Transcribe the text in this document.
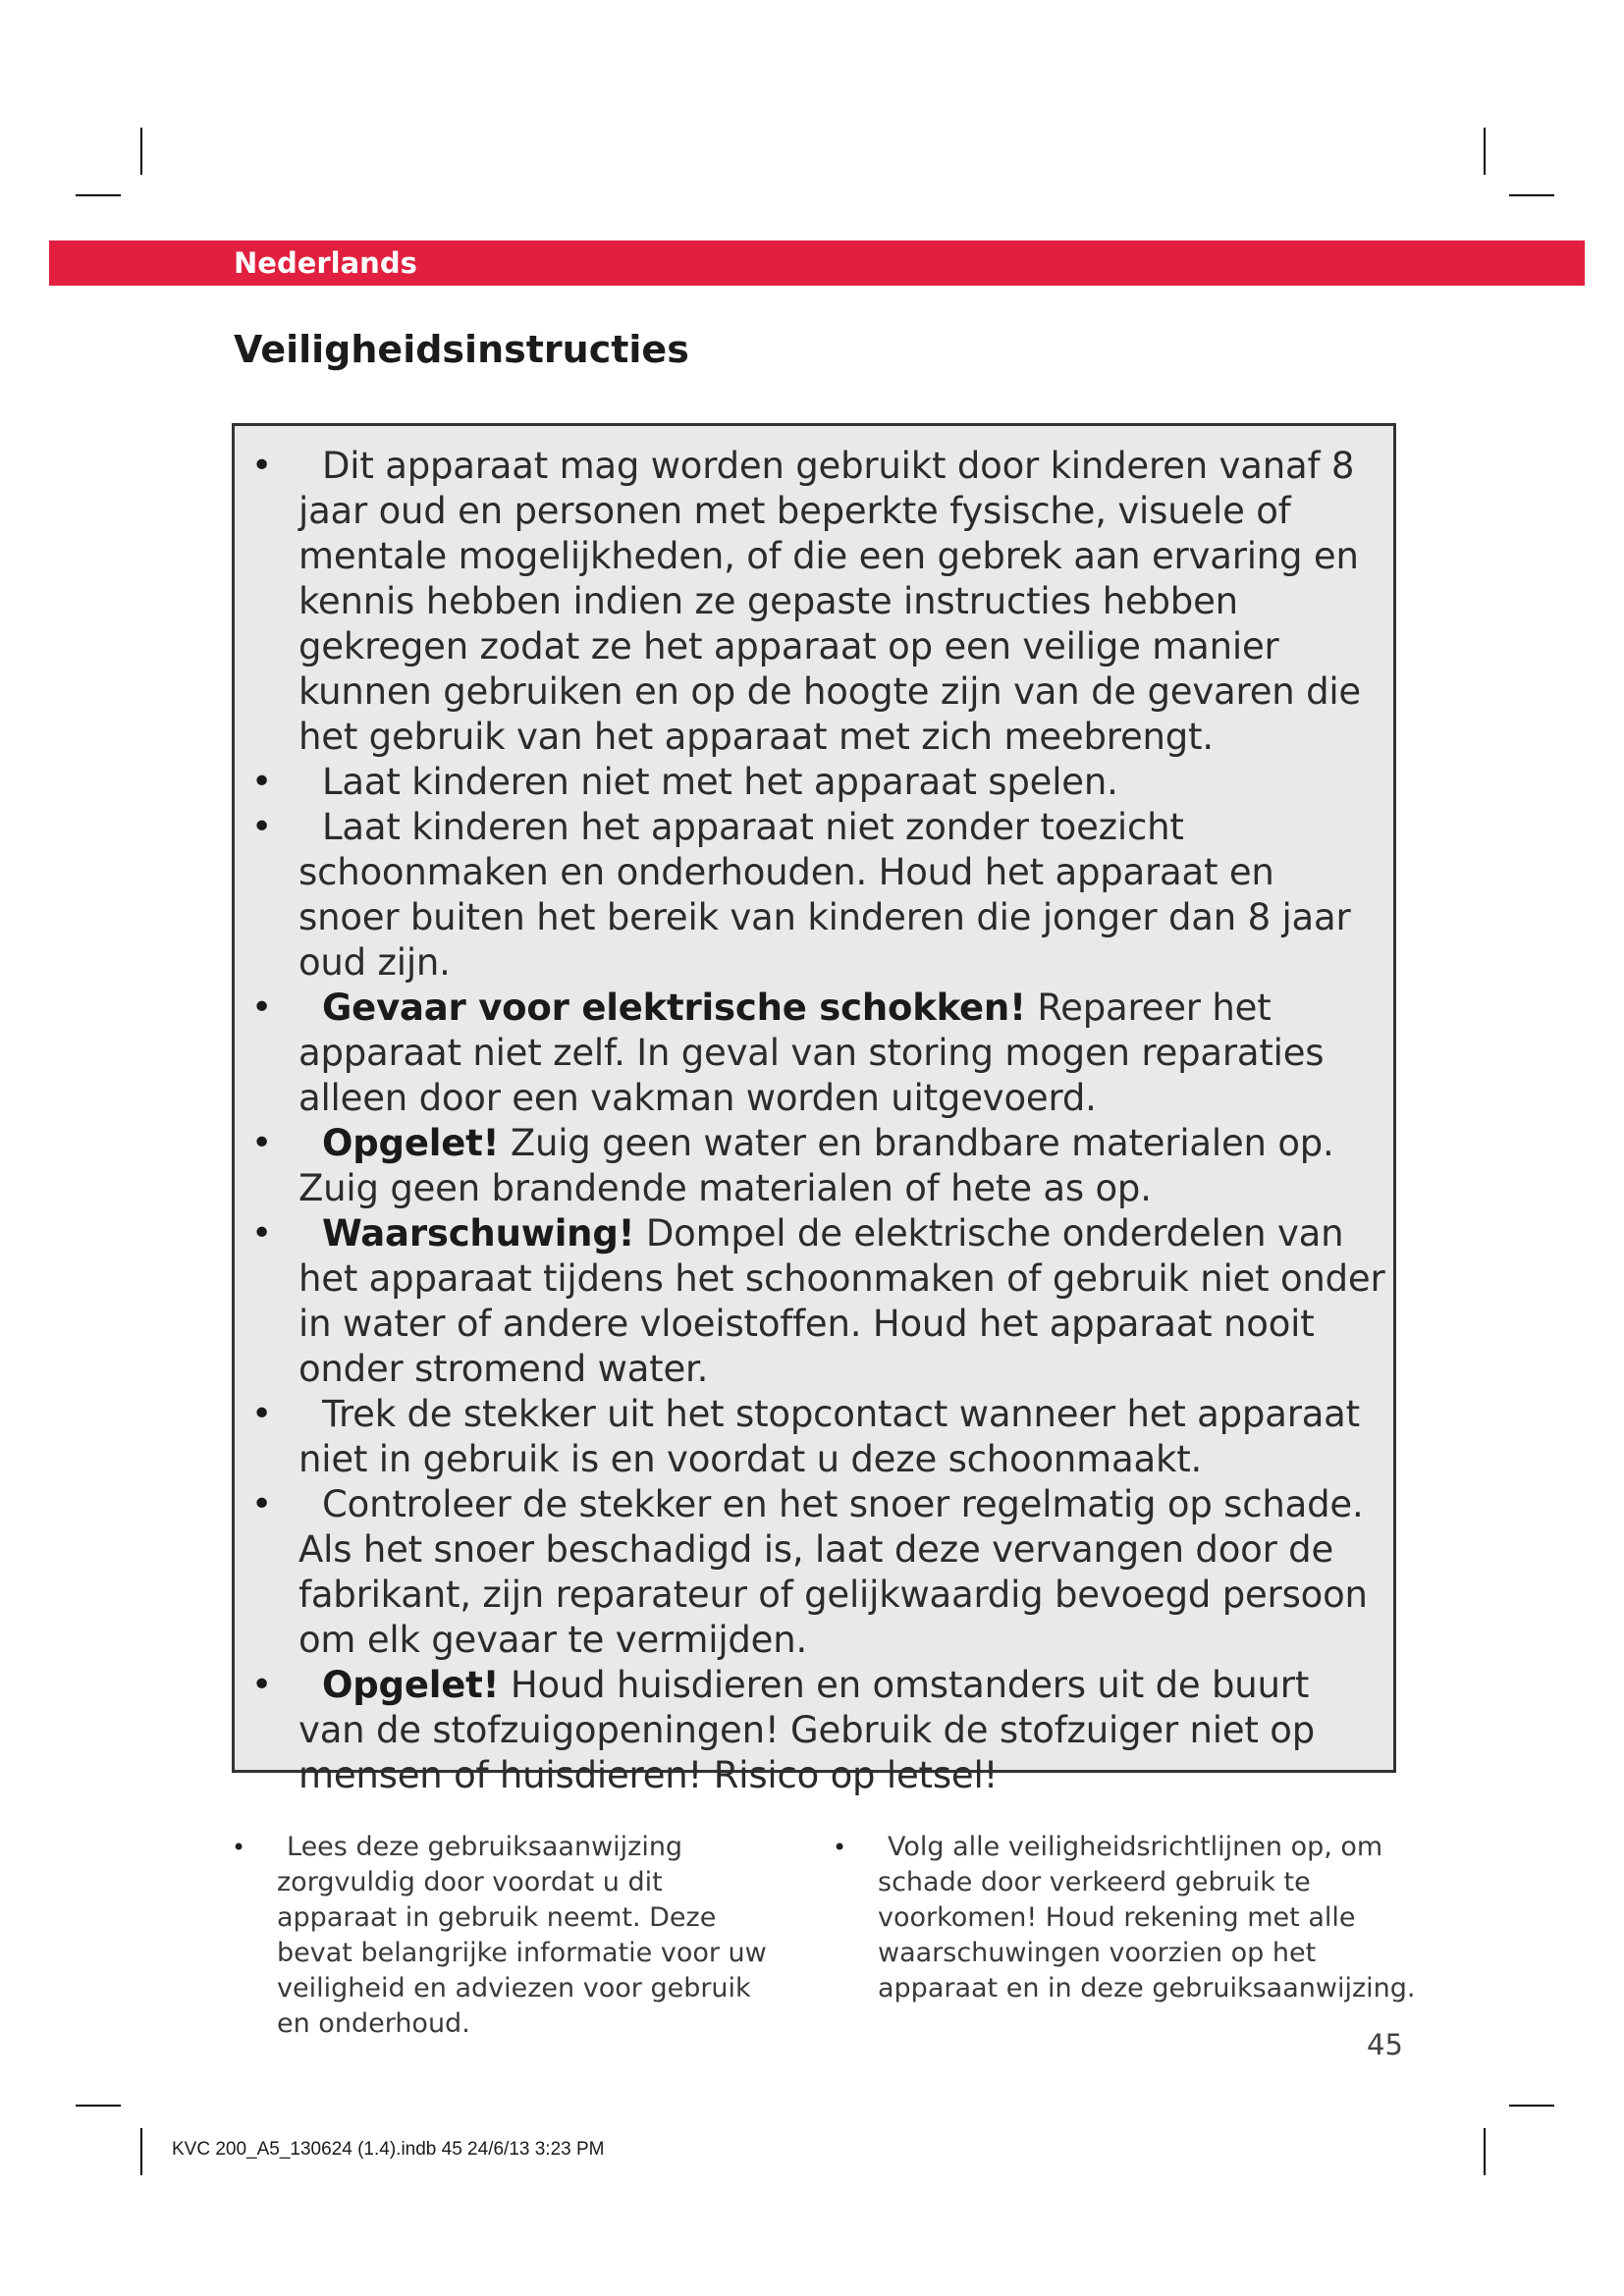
Nederlands
Veiligheidsinstructies
• Dit apparaat mag worden gebruikt door kinderen vanaf 8 jaar oud en personen met beperkte fysische, visuele of mentale mogelijkheden, of die een gebrek aan ervaring en kennis hebben indien ze gepaste instructies hebben gekregen zodat ze het apparaat op een veilige manier kunnen gebruiken en op de hoogte zijn van de gevaren die het gebruik van het apparaat met zich meebrengt.
• Laat kinderen niet met het apparaat spelen.
• Laat kinderen het apparaat niet zonder toezicht schoonmaken en onderhouden. Houd het apparaat en snoer buiten het bereik van kinderen die jonger dan 8 jaar oud zijn.
• Gevaar voor elektrische schokken! Repareer het apparaat niet zelf. In geval van storing mogen reparaties alleen door een vakman worden uitgevoerd.
• Opgelet! Zuig geen water en brandbare materialen op. Zuig geen brandende materialen of hete as op.
• Waarschuwing! Dompel de elektrische onderdelen van het apparaat tijdens het schoonmaken of gebruik niet onder in water of andere vloeistoffen. Houd het apparaat nooit onder stromend water.
• Trek de stekker uit het stopcontact wanneer het apparaat niet in gebruik is en voordat u deze schoonmaakt.
• Controleer de stekker en het snoer regelmatig op schade. Als het snoer beschadigd is, laat deze vervangen door de fabrikant, zijn reparateur of gelijkwaardig bevoegd persoon om elk gevaar te vermijden.
• Opgelet! Houd huisdieren en omstanders uit de buurt van de stofzuigopeningen! Gebruik de stofzuiger niet op mensen of huisdieren! Risico op letsel!
•	Lees deze gebruiksaanwijzing zorgvuldig door voordat u dit apparaat in gebruik neemt. Deze bevat belangrijke informatie voor uw veiligheid en adviezen voor gebruik en onderhoud.
•	Volg alle veiligheidsrichtlijnen op, om schade door verkeerd gebruik te voorkomen! Houd rekening met alle waarschuwingen voorzien op het apparaat en in deze gebruiksaanwijzing.
45
KVC 200_A5_130624 (1.4).indb 45 24/6/13 3:23 PM
